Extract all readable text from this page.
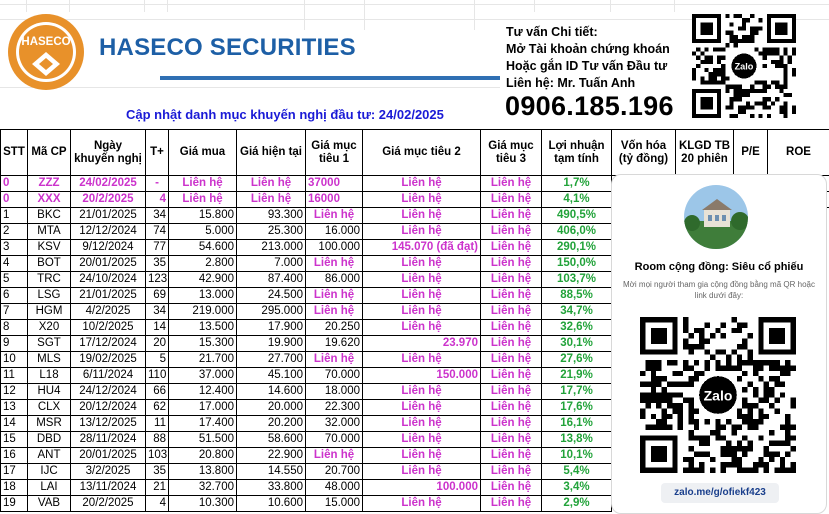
HASECO HASECO SECURITIES
Tư vấn Chi tiết:
Mở Tài khoản chứng khoán
Hoặc gắn ID Tư vấn Đầu tư
Liên hệ: Mr. Tuấn Anh
0906.185.196
Zalo
Cập nhật danh mục khuyến nghị đầu tư: 24/02/2025
STT	Mã CP	Ngày khuyến nghị	T+	Giá mua	Giá hiện tại	Giá mục tiêu 1	Giá mục tiêu 2	Giá mục tiêu 3	Lợi nhuận tạm tính	Vốn hóa (tỷ đồng)	KLGD TB 20 phiên	P/E	ROE
0	ZZZ	24/02/2025	-	Liên hệ	Liên hệ	37000	Liên hệ	Liên hệ	1,7%				
0	XXX	20/2/2025	4	Liên hệ	Liên hệ	16000	Liên hệ	Liên hệ	4,1%				
1	BKC	21/01/2025	34	15.800	93.300	Liên hệ	Liên hệ	Liên hệ	490,5%				
2	MTA	12/12/2024	74	5.000	25.300	16.000	Liên hệ	Liên hệ	406,0%				
3	KSV	9/12/2024	77	54.600	213.000	100.000	145.070 (đã đạt)	Liên hệ	290,1%				
4	BOT	20/01/2025	35	2.800	7.000	Liên hệ	Liên hệ	Liên hệ	150,0%				
5	TRC	24/10/2024	123	42.900	87.400	86.000	Liên hệ	Liên hệ	103,7%				
6	LSG	21/01/2025	69	13.000	24.500	Liên hệ	Liên hệ	Liên hệ	88,5%				
7	HGM	4/2/2025	34	219.000	295.000	Liên hệ	Liên hệ	Liên hệ	34,7%				
8	X20	10/2/2025	14	13.500	17.900	20.250	Liên hệ	Liên hệ	32,6%				
9	SGT	17/12/2024	20	15.300	19.900	19.620	23.970	Liên hệ	30,1%				
10	MLS	19/02/2025	5	21.700	27.700	Liên hệ	Liên hệ	Liên hệ	27,6%				
11	L18	6/11/2024	110	37.000	45.100	70.000	150.000	Liên hệ	21,9%				
12	HU4	24/12/2024	66	12.400	14.600	18.000	Liên hệ	Liên hệ	17,7%				
13	CLX	20/12/2024	62	17.000	20.000	22.300	Liên hệ	Liên hệ	17,6%				
14	MSR	13/12/2025	11	17.400	20.200	32.000	Liên hệ	Liên hệ	16,1%				
15	DBD	28/11/2024	88	51.500	58.600	70.000	Liên hệ	Liên hệ	13,8%				
16	ANT	20/01/2025	103	20.800	22.900	Liên hệ	Liên hệ	Liên hệ	10,1%				
17	IJC	3/2/2025	35	13.800	14.550	20.700	Liên hệ	Liên hệ	5,4%				
18	LAI	13/11/2024	21	32.700	33.800	48.000	100.000	Liên hệ	3,4%				
19	VAB	20/2/2025	4	10.300	10.600	15.000	Liên hệ	Liên hệ	2,9%				
Room cộng đồng: Siêu cổ phiếu
Mời mọi người tham gia cộng đồng bằng mã QR hoặc link dưới đây:
Zalo
zalo.me/g/ofiekf423
